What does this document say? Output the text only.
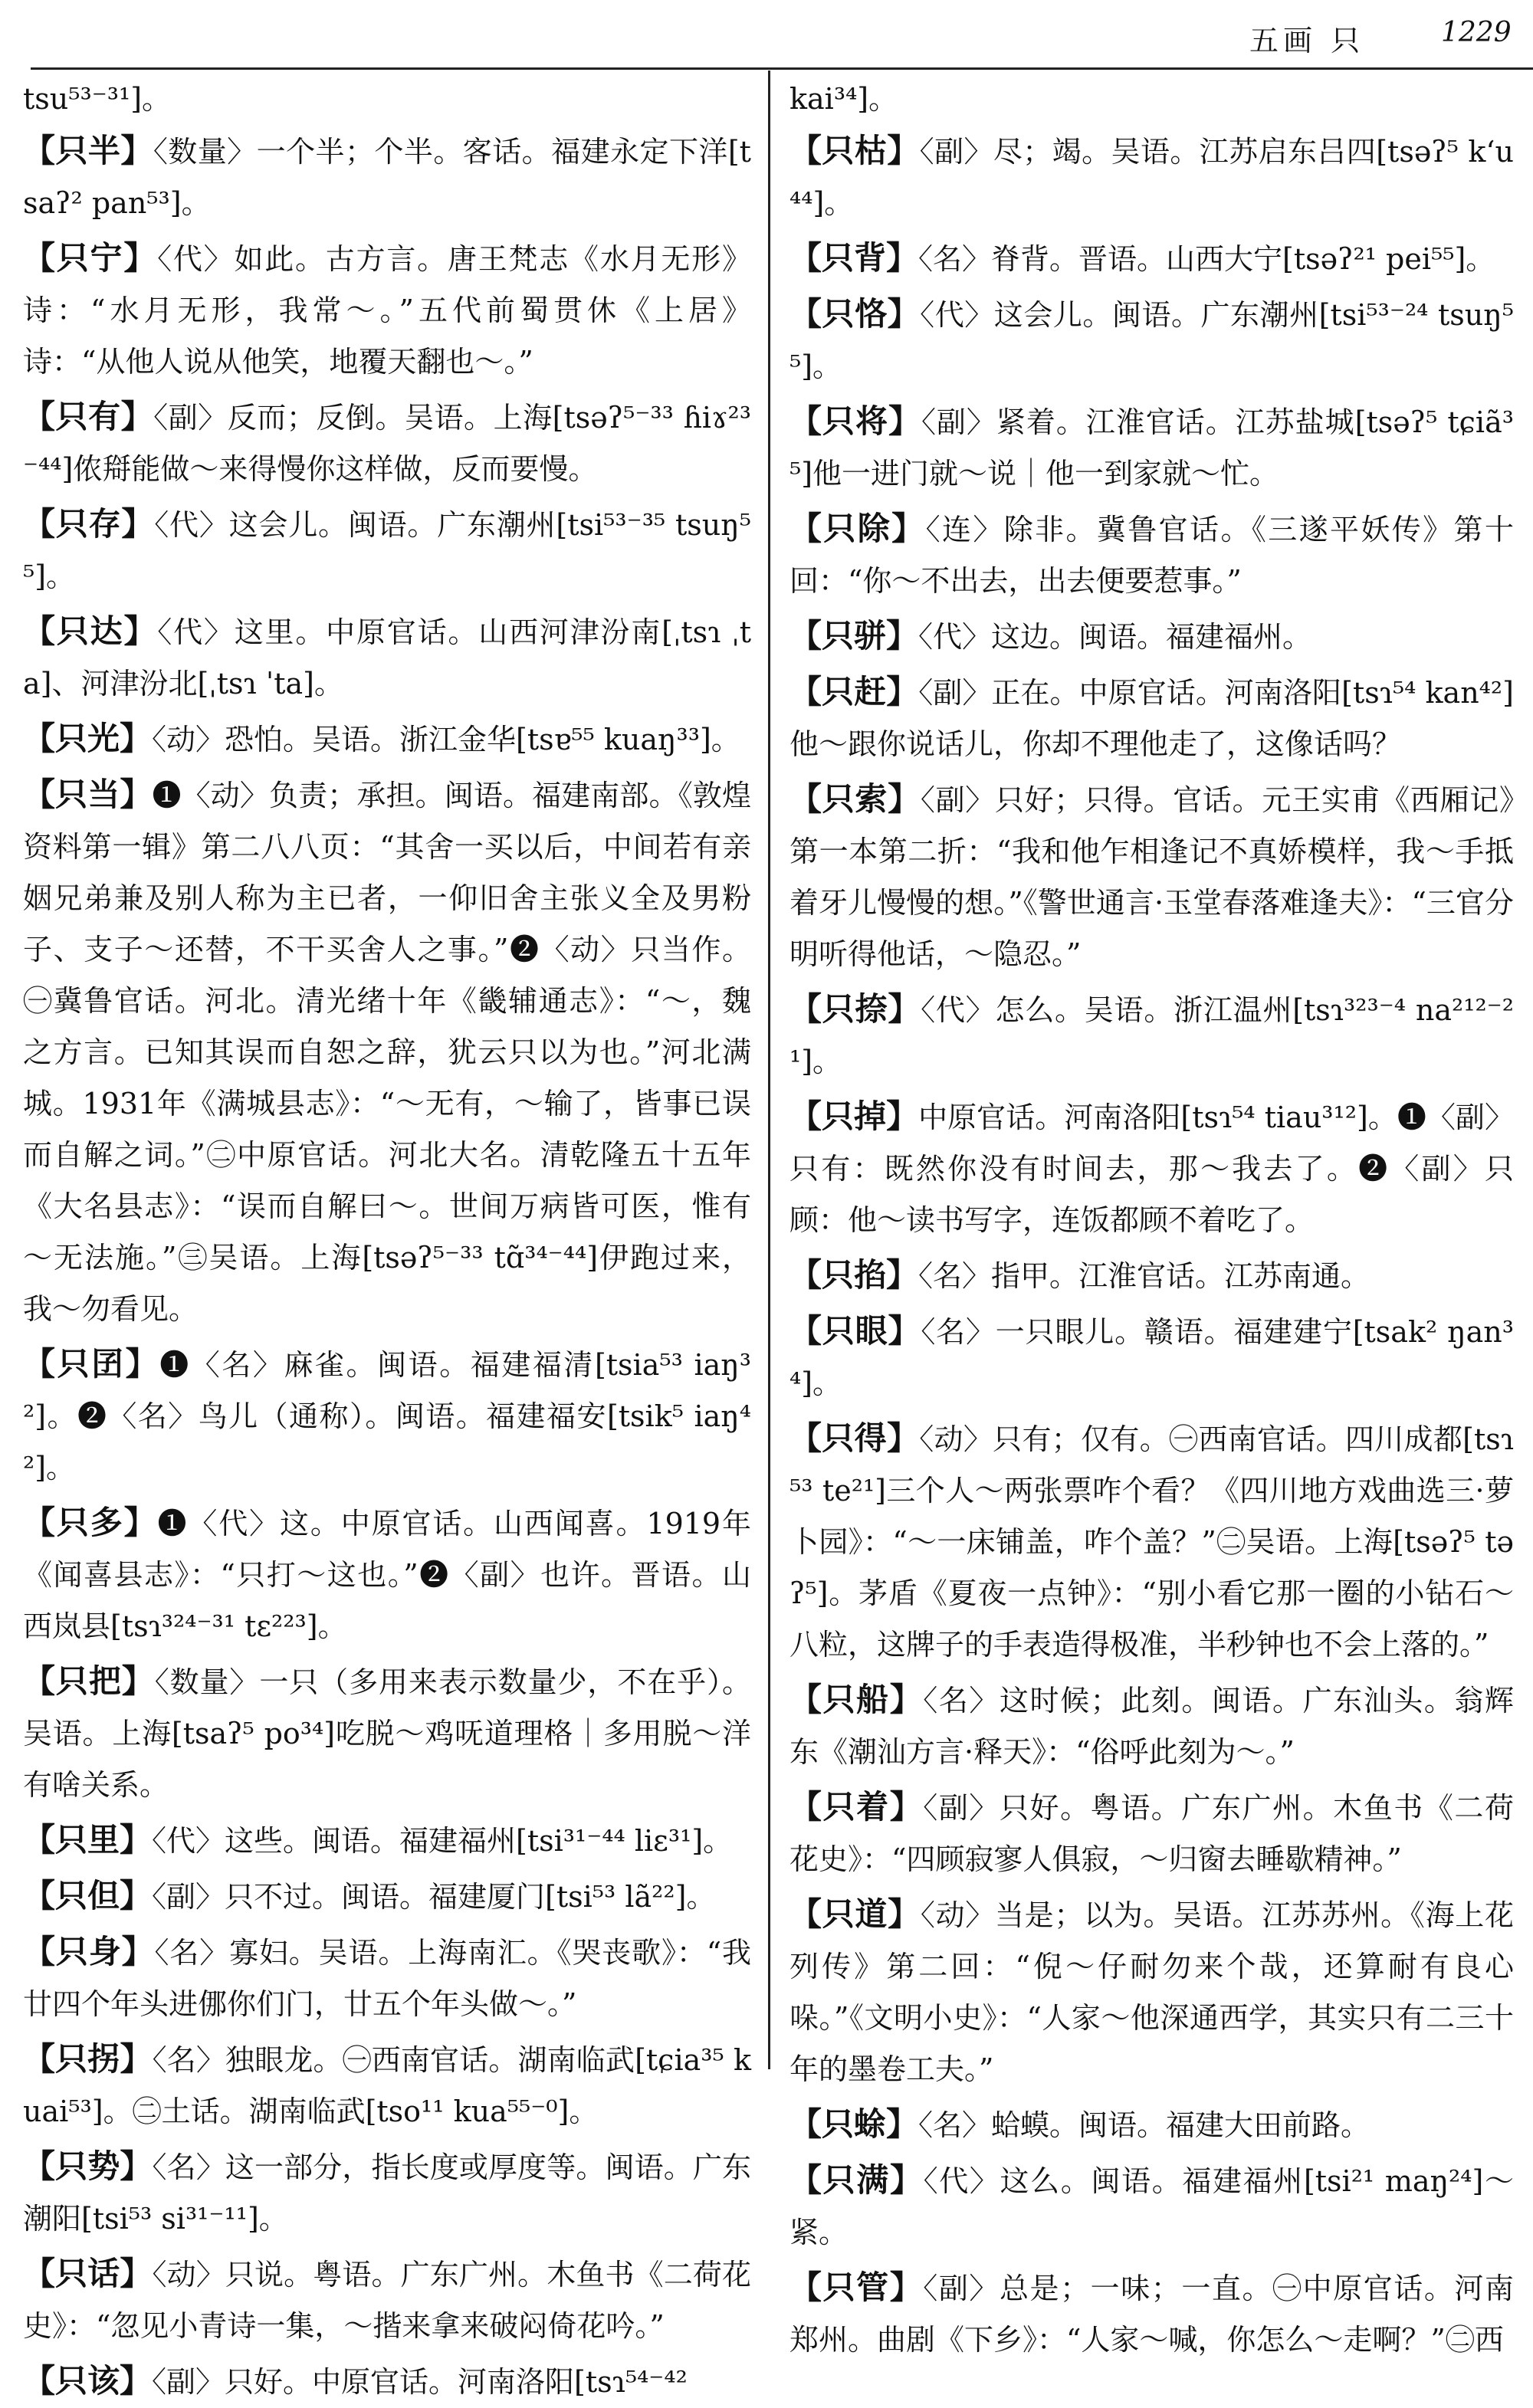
五画 只	1229
tsu⁵³⁻³¹]。
【只半】〈数量〉一个半；个半。客话。福建永定下洋[tsaʔ² pan⁵³]。
【只宁】〈代〉如此。古方言。唐王梵志《水月无形》诗：“水月无形，我常～。”五代前蜀贯休《上居》诗：“从他人说从他笑，地覆天翻也～。”
【只有】〈副〉反而；反倒。吴语。上海[tsəʔ⁵⁻³³ ɦiɤ²³⁻⁴⁴]侬搿能做～来得慢你这样做，反而要慢。
【只存】〈代〉这会儿。闽语。广东潮州[tsi⁵³⁻³⁵ tsuŋ⁵⁵]。
【只达】〈代〉这里。中原官话。山西河津汾南[ˌtsɿ ˌta]、河津汾北[ˌtsɿ ˈta]。
【只光】〈动〉恐怕。吴语。浙江金华[tsɐ⁵⁵ kuaŋ³³]。
【只当】❶〈动〉负责；承担。闽语。福建南部。《敦煌资料第一辑》第二八八页：“其舍一买以后，中间若有亲姻兄弟兼及别人称为主已者，一仰旧舍主张义全及男粉子、支子～还替，不干买舍人之事。”❷〈动〉只当作。㊀冀鲁官话。河北。清光绪十年《畿辅通志》：“～，魏之方言。已知其误而自恕之辞，犹云只以为也。”河北满城。1931年《满城县志》：“～无有，～输了，皆事已误而自解之词。”㊁中原官话。河北大名。清乾隆五十五年《大名县志》：“误而自解曰～。世间万病皆可医，惟有～无法施。”㊂吴语。上海[tsəʔ⁵⁻³³ tɑ̃³⁴⁻⁴⁴]伊跑过来，我～勿看见。
【只囝】❶〈名〉麻雀。闽语。福建福清[tsia⁵³ iaŋ³²]。❷〈名〉鸟儿（通称）。闽语。福建福安[tsik⁵ iaŋ⁴²]。
【只多】❶〈代〉这。中原官话。山西闻喜。1919年《闻喜县志》：“只打～这也。”❷〈副〉也许。晋语。山西岚县[tsɿ³²⁴⁻³¹ tɛ²²³]。
【只把】〈数量〉一只（多用来表示数量少，不在乎）。吴语。上海[tsaʔ⁵ po³⁴]吃脱～鸡呒道理格｜多用脱～洋有啥关系。
【只里】〈代〉这些。闽语。福建福州[tsi³¹⁻⁴⁴ liɛ³¹]。
【只但】〈副〉只不过。闽语。福建厦门[tsi⁵³ lã²²]。
【只身】〈名〉寡妇。吴语。上海南汇。《哭丧歌》：“我廿四个年头进㑚你们门，廿五个年头做～。”
【只拐】〈名〉独眼龙。㊀西南官话。湖南临武[tɕia³⁵ kuai⁵³]。㊁土话。湖南临武[tso¹¹ kua⁵⁵⁻⁰]。
【只势】〈名〉这一部分，指长度或厚度等。闽语。广东潮阳[tsi⁵³ si³¹⁻¹¹]。
【只话】〈动〉只说。粤语。广东广州。木鱼书《二荷花史》：“忽见小青诗一集，～揩来拿来破闷倚花吟。”
【只该】〈副〉只好。中原官话。河南洛阳[tsɿ⁵⁴⁻⁴²
kai³⁴]。
【只枯】〈副〉尽；竭。吴语。江苏启东吕四[tsəʔ⁵ kʻu⁴⁴]。
【只背】〈名〉脊背。晋语。山西大宁[tsəʔ²¹ pei⁵⁵]。
【只恪】〈代〉这会儿。闽语。广东潮州[tsi⁵³⁻²⁴ tsuŋ⁵⁵]。
【只将】〈副〉紧着。江淮官话。江苏盐城[tsəʔ⁵ tɕiã³⁵]他一进门就～说｜他一到家就～忙。
【只除】〈连〉除非。冀鲁官话。《三遂平妖传》第十回：“你～不出去，出去便要惹事。”
【只骈】〈代〉这边。闽语。福建福州。
【只赶】〈副〉正在。中原官话。河南洛阳[tsɿ⁵⁴ kan⁴²]他～跟你说话儿，你却不理他走了，这像话吗？
【只索】〈副〉只好；只得。官话。元王实甫《西厢记》第一本第二折：“我和他乍相逢记不真娇模样，我～手抵着牙儿慢慢的想。”《警世通言·玉堂春落难逢夫》：“三官分明听得他话，～隐忍。”
【只捺】〈代〉怎么。吴语。浙江温州[tsɿ³²³⁻⁴ na²¹²⁻²¹]。
【只掉】中原官话。河南洛阳[tsɿ⁵⁴ tiau³¹²]。❶〈副〉只有：既然你没有时间去，那～我去了。❷〈副〉只顾：他～读书写字，连饭都顾不着吃了。
【只掐】〈名〉指甲。江淮官话。江苏南通。
【只眼】〈名〉一只眼儿。赣语。福建建宁[tsak² ŋan³⁴]。
【只得】〈动〉只有；仅有。㊀西南官话。四川成都[tsɿ⁵³ te²¹]三个人～两张票咋个看？《四川地方戏曲选三·萝卜园》：“～一床铺盖，咋个盖？”㊁吴语。上海[tsəʔ⁵ təʔ⁵]。茅盾《夏夜一点钟》：“别小看它那一圈的小钻石～八粒，这牌子的手表造得极准，半秒钟也不会上落的。”
【只船】〈名〉这时候；此刻。闽语。广东汕头。翁辉东《潮汕方言·释天》：“俗呼此刻为～。”
【只着】〈副〉只好。粤语。广东广州。木鱼书《二荷花史》：“四顾寂寥人俱寂，～归窗去睡歇精神。”
【只道】〈动〉当是；以为。吴语。江苏苏州。《海上花列传》第二回：“倪～仔耐勿来个哉，还算耐有良心哚。”《文明小史》：“人家～他深通西学，其实只有二三十年的墨卷工夫。”
【只蜍】〈名〉蛤蟆。闽语。福建大田前路。
【只满】〈代〉这么。闽语。福建福州[tsi²¹ maŋ²⁴]～紧。
【只管】〈副〉总是；一味；一直。㊀中原官话。河南郑州。曲剧《下乡》：“人家～喊，你怎么～走啊？”㊁西
